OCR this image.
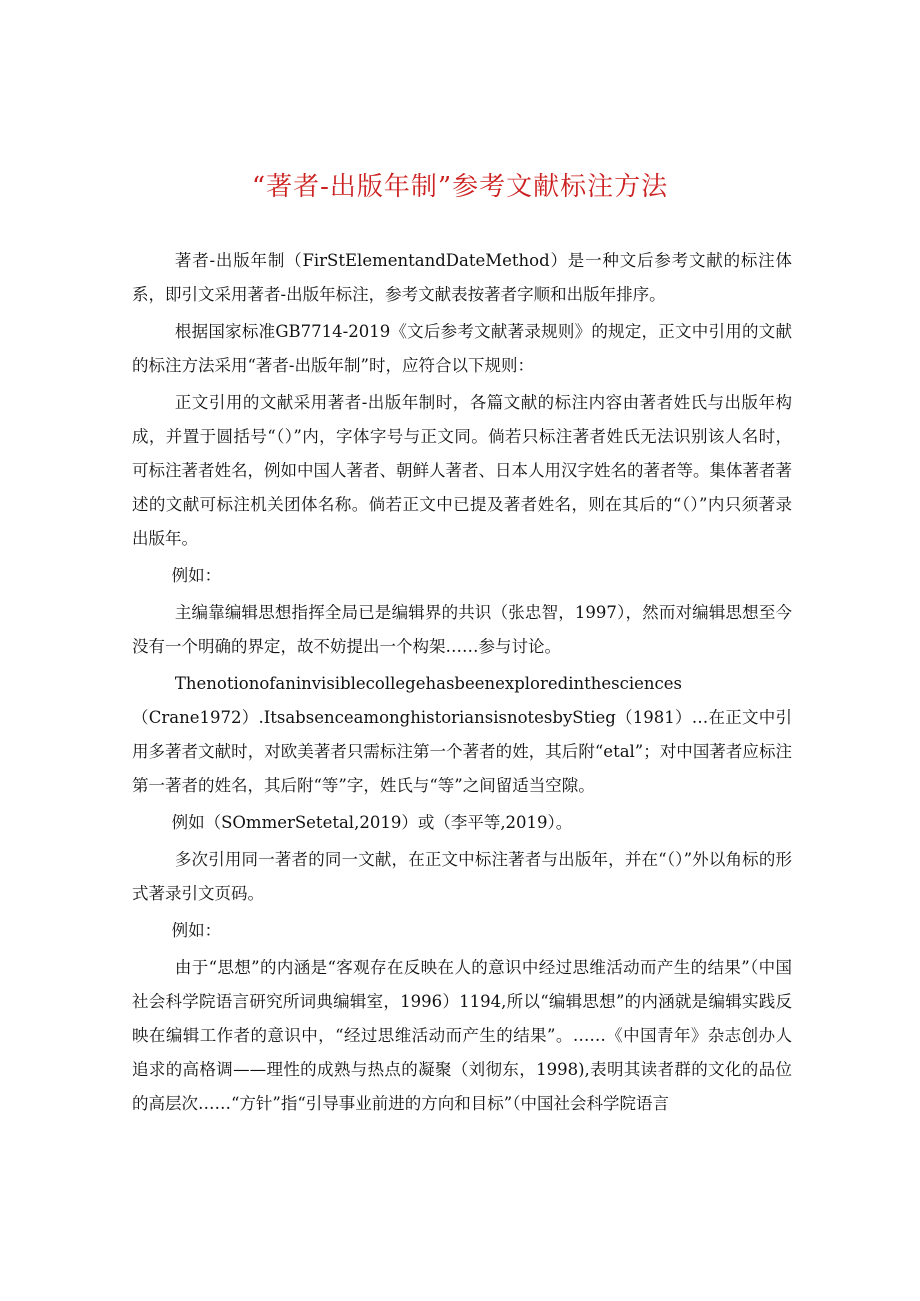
“著者-出版年制”参考文献标注方法

著者-出版年制（FirStElementandDateMethod）是一种文后参考文献的标注体系，即引文采用著者-出版年标注，参考文献表按著者字顺和出版年排序。

根据国家标准GB7714-2019《文后参考文献著录规则》的规定，正文中引用的文献的标注方法采用“著者-出版年制”时，应符合以下规则：

正文引用的文献采用著者-出版年制时，各篇文献的标注内容由著者姓氏与出版年构成，并置于圆括号“（）”内，字体字号与正文同。倘若只标注著者姓氏无法识别该人名时，可标注著者姓名，例如中国人著者、朝鲜人著者、日本人用汉字姓名的著者等。集体著者著述的文献可标注机关团体名称。倘若正文中已提及著者姓名，则在其后的“（）”内只须著录出版年。

例如：

主编靠编辑思想指挥全局已是编辑界的共识（张忠智，1997），然而对编辑思想至今没有一个明确的界定，故不妨提出一个构架……参与讨论。

Thenotionofaninvisiblecollegehasbeenexploredinthesciences（Crane1972）.ItsabsenceamonghistoriansisnotesbyStieg（1981）…在正文中引用多著者文献时，对欧美著者只需标注第一个著者的姓，其后附“etal”；对中国著者应标注第一著者的姓名，其后附“等”字，姓氏与“等”之间留适当空隙。

例如（SOmmerSetetal,2019）或（李平等,2019）。

多次引用同一著者的同一文献，在正文中标注著者与出版年，并在“（）”外以角标的形式著录引文页码。

例如：

由于“思想”的内涵是“客观存在反映在人的意识中经过思维活动而产生的结果”（中国社会科学院语言研究所词典编辑室，1996）1194,所以“编辑思想”的内涵就是编辑实践反映在编辑工作者的意识中，“经过思维活动而产生的结果”。……《中国青年》杂志创办人追求的高格调——理性的成熟与热点的凝聚（刘彻东，1998),表明其读者群的文化的品位的高层次……“方针”指“引导事业前进的方向和目标”（中国社会科学院语言
